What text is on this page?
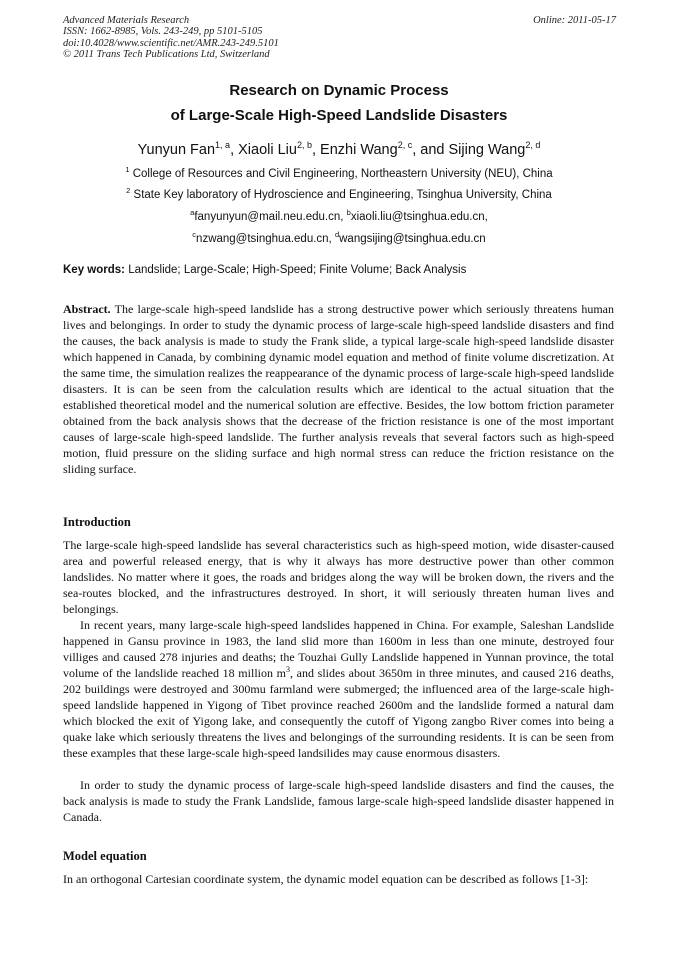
Advanced Materials Research
ISSN: 1662-8985, Vols. 243-249, pp 5101-5105
doi:10.4028/www.scientific.net/AMR.243-249.5101
© 2011 Trans Tech Publications Ltd, Switzerland
Online: 2011-05-17
Research on Dynamic Process
of Large-Scale High-Speed Landslide Disasters
Yunyun Fan$^{1, a}$, Xiaoli Liu$^{2, b}$, Enzhi Wang$^{2, c}$, and Sijing Wang$^{2, d}$
$^1$ College of Resources and Civil Engineering, Northeastern University (NEU), China
$^2$ State Key laboratory of Hydroscience and Engineering, Tsinghua University, China
$^a$fanyunyun@mail.neu.edu.cn, $^b$xiaoli.liu@tsinghua.edu.cn,
$^c$nzwang@tsinghua.edu.cn, $^d$wangsijing@tsinghua.edu.cn
Key words: Landslide; Large-Scale; High-Speed; Finite Volume; Back Analysis

Abstract. The large-scale high-speed landslide has a strong destructive power which seriously threatens human lives and belongings. In order to study the dynamic process of large-scale high-speed landslide disasters and find the causes, the back analysis is made to study the Frank slide, a typical large-scale high-speed landslide disaster which happened in Canada, by combining dynamic model equation and method of finite volume discretization. At the same time, the simulation realizes the reappearance of the dynamic process of large-scale high-speed landslide disasters. It is can be seen from the calculation results which are identical to the actual situation that the established theoretical model and the numerical solution are effective. Besides, the low bottom friction parameter obtained from the back analysis shows that the decrease of the friction resistance is one of the most important causes of large-scale high-speed landslide. The further analysis reveals that several factors such as high-speed motion, fluid pressure on the sliding surface and high normal stress can reduce the friction resistance on the sliding surface.

Introduction

The large-scale high-speed landslide has several characteristics such as high-speed motion, wide disaster-caused area and powerful released energy, that is why it always has more destructive power than other common landslides. No matter where it goes, the roads and bridges along the way will be broken down, the rivers and the sea-routes blocked, and the infrastructures destroyed. In short, it will seriously threaten human lives and belongings.

In recent years, many large-scale high-speed landslides happened in China. For example, Saleshan Landslide happened in Gansu province in 1983, the land slid more than 1600m in less than one minute, destroyed four villiges and caused 278 injuries and deaths; the Touzhai Gully Landslide happened in Yunnan province, the total volume of the landslide reached 18 million $m^3$, and slides about 3650m in three minutes, and caused 216 deaths, 202 buildings were destroyed and 300mu farmland were submerged; the influenced area of the large-scale high-speed landslide happened in Yigong of Tibet province reached 2600m and the landslide formed a natural dam which blocked the exit of Yigong lake, and consequently the cutoff of Yigong zangbo River comes into being a quake lake which seriously threatens the lives and belongings of the surrounding residents. It is can be seen from these examples that these large-scale high-speed landsilides may cause enormous disasters.

In order to study the dynamic process of large-scale high-speed landslide disasters and find the causes, the back analysis is made to study the Frank Landslide, famous large-scale high-speed landslide disaster happened in Canada.

Model equation

In an orthogonal Cartesian coordinate system, the dynamic model equation can be described as follows [1-3]:
